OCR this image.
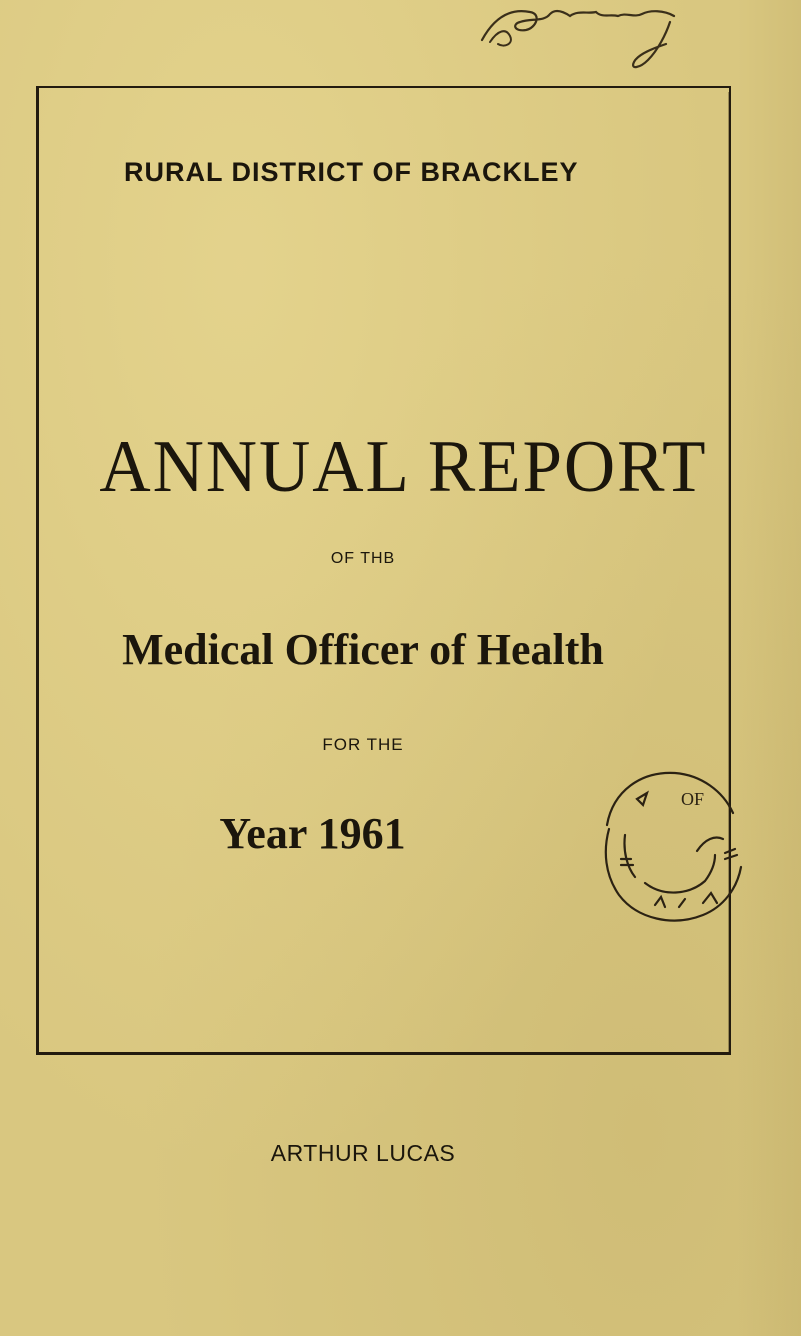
RURAL DISTRICT OF BRACKLEY
ANNUAL REPORT
OF THB
Medical Officer of Health
FOR THE
Year 1961
OF
ARTHUR LUCAS
